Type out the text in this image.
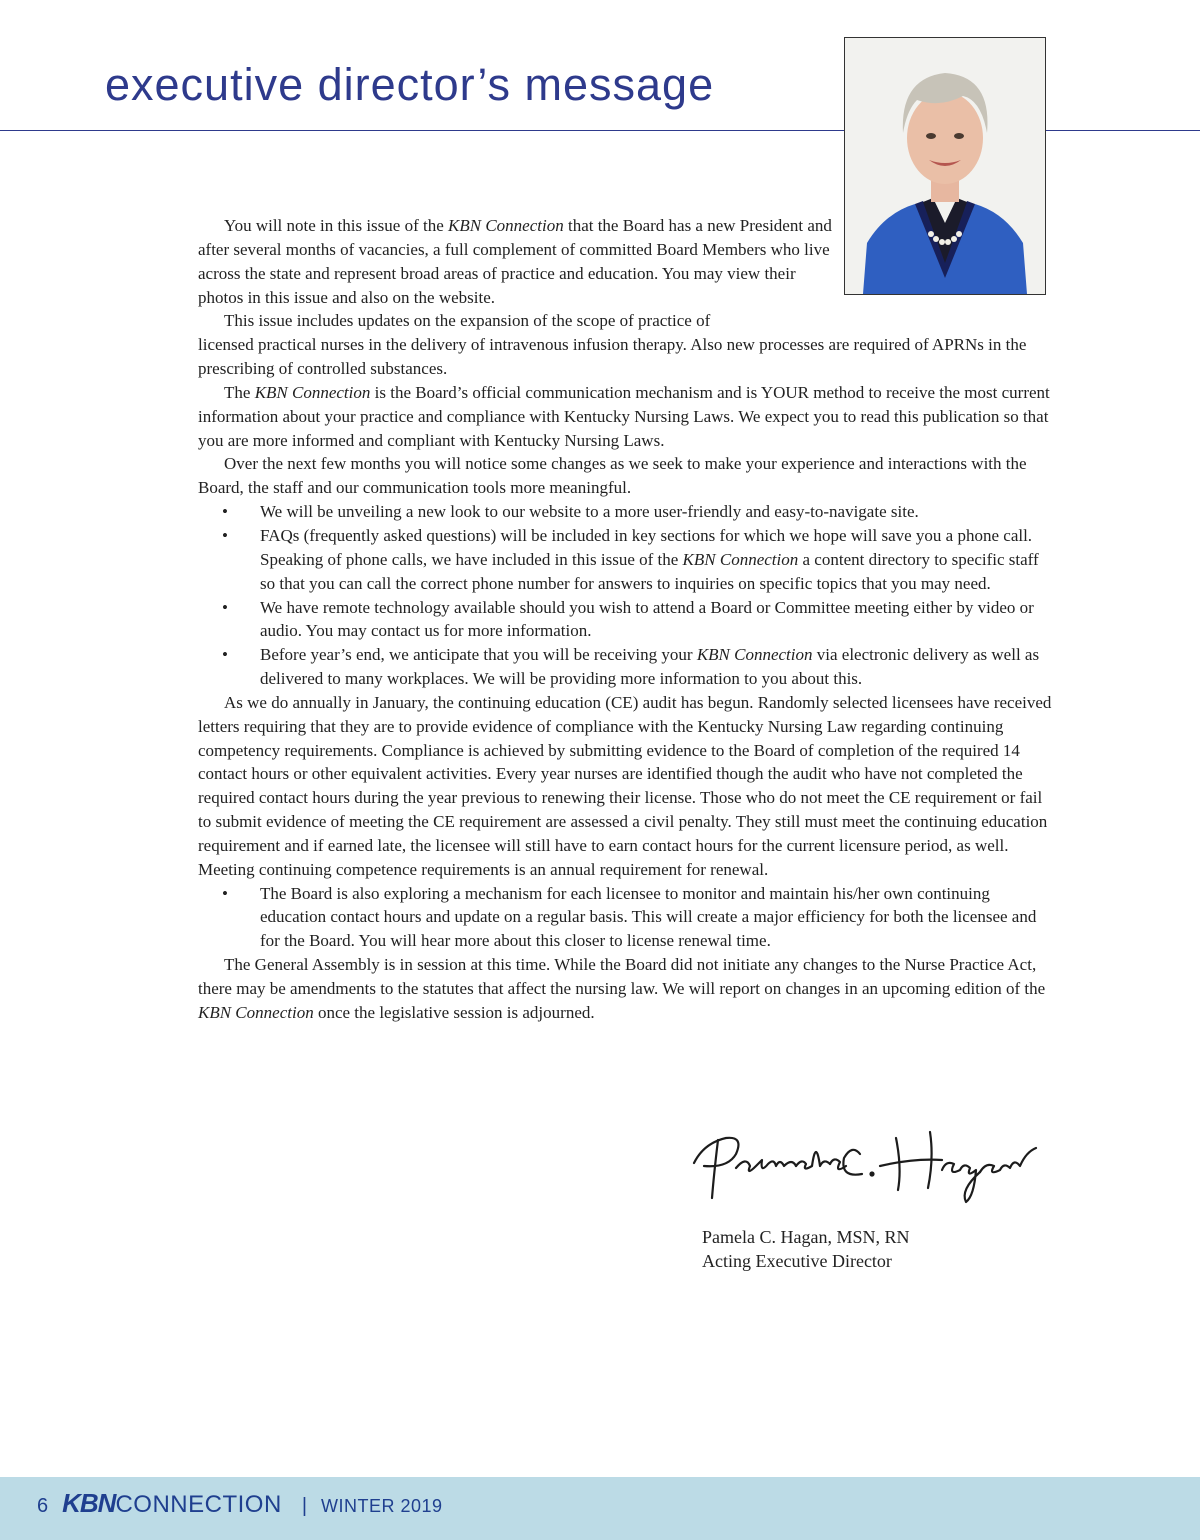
executive director’s message

You will note in this issue of the KBN Connection that the Board has a new President and after several months of vacancies, a full complement of committed Board Members who live across the state and represent broad areas of practice and education. You may view their photos in this issue and also on the website.

This issue includes updates on the expansion of the scope of practice of
licensed practical nurses in the delivery of intravenous infusion therapy. Also new processes are required of APRNs in the prescribing of controlled substances.

The KBN Connection is the Board’s official communication mechanism and is YOUR method to receive the most current information about your practice and compliance with Kentucky Nursing Laws. We expect you to read this publication so that you are more informed and compliant with Kentucky Nursing Laws.

Over the next few months you will notice some changes as we seek to make your experience and interactions with the Board, the staff and our communication tools more meaningful.

• We will be unveiling a new look to our website to a more user-friendly and easy-to-navigate site.
• FAQs (frequently asked questions) will be included in key sections for which we hope will save you a phone call. Speaking of phone calls, we have included in this issue of the KBN Connection a content directory to specific staff so that you can call the correct phone number for answers to inquiries on specific topics that you may need.
• We have remote technology available should you wish to attend a Board or Committee meeting either by video or audio. You may contact us for more information.
• Before year’s end, we anticipate that you will be receiving your KBN Connection via electronic delivery as well as delivered to many workplaces. We will be providing more information to you about this.

As we do annually in January, the continuing education (CE) audit has begun. Randomly selected licensees have received letters requiring that they are to provide evidence of compliance with the Kentucky Nursing Law regarding continuing competency requirements. Compliance is achieved by submitting evidence to the Board of completion of the required 14 contact hours or other equivalent activities. Every year nurses are identified though the audit who have not completed the required contact hours during the year previous to renewing their license. Those who do not meet the CE requirement or fail to submit evidence of meeting the CE requirement are assessed a civil penalty. They still must meet the continuing education requirement and if earned late, the licensee will still have to earn contact hours for the current licensure period, as well. Meeting continuing competence requirements is an annual requirement for renewal.

• The Board is also exploring a mechanism for each licensee to monitor and maintain his/her own continuing education contact hours and update on a regular basis. This will create a major efficiency for both the licensee and for the Board. You will hear more about this closer to license renewal time.

The General Assembly is in session at this time. While the Board did not initiate any changes to the Nurse Practice Act, there may be amendments to the statutes that affect the nursing law. We will report on changes in an upcoming edition of the KBN Connection once the legislative session is adjourned.

Pamela C. Hagan, MSN, RN
Acting Executive Director
6 KBN CONNECTION | WINTER 2019
